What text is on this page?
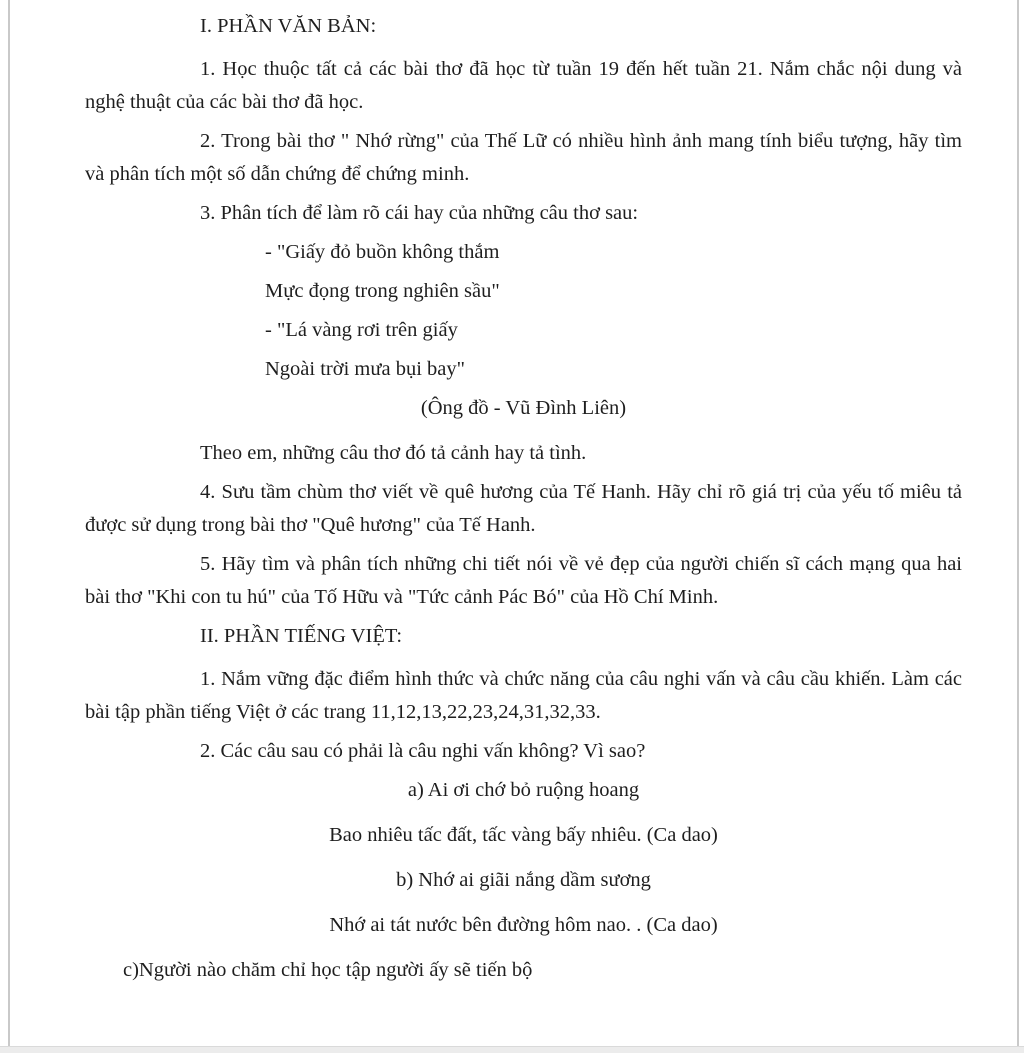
I. PHẦN VĂN BẢN:

1. Học thuộc tất cả các bài thơ đã học từ tuần 19 đến hết tuần 21. Nắm chắc nội dung và nghệ thuật của các bài thơ đã học.

2. Trong bài thơ " Nhớ rừng" của Thế Lữ có nhiều hình ảnh mang tính biểu tượng, hãy tìm và phân tích một số dẫn chứng để chứng minh.

3. Phân tích để làm rõ cái hay của những câu thơ sau:

- "Giấy đỏ buồn không thắm

Mực đọng trong nghiên sầu"

- "Lá vàng rơi trên giấy

Ngoài trời mưa bụi bay"

(Ông đồ - Vũ Đình Liên)

Theo em, những câu thơ đó tả cảnh hay tả tình.

4. Sưu tầm chùm thơ viết về quê hương của Tế Hanh. Hãy chỉ rõ giá trị của yếu tố miêu tả được sử dụng trong bài thơ "Quê hương" của Tế Hanh.

5. Hãy tìm và phân tích những chi tiết nói về vẻ đẹp của người chiến sĩ cách mạng qua hai bài thơ "Khi con tu hú" của Tố Hữu và "Tức cảnh Pác Bó" của Hồ Chí Minh.

II. PHẦN TIẾNG VIỆT:

1. Nắm vững đặc điểm hình thức và chức năng của câu nghi vấn và câu cầu khiến. Làm các bài tập phần tiếng Việt ở các trang 11,12,13,22,23,24,31,32,33.

2. Các câu sau có phải là câu nghi vấn không? Vì sao?

a) Ai ơi chớ bỏ ruộng hoang

Bao nhiêu tấc đất, tấc vàng bấy nhiêu. (Ca dao)

b) Nhớ ai giãi nắng dầm sương

Nhớ ai tát nước bên đường hôm nao. . (Ca dao)

c)Người nào chăm chỉ học tập người ấy sẽ tiến bộ
